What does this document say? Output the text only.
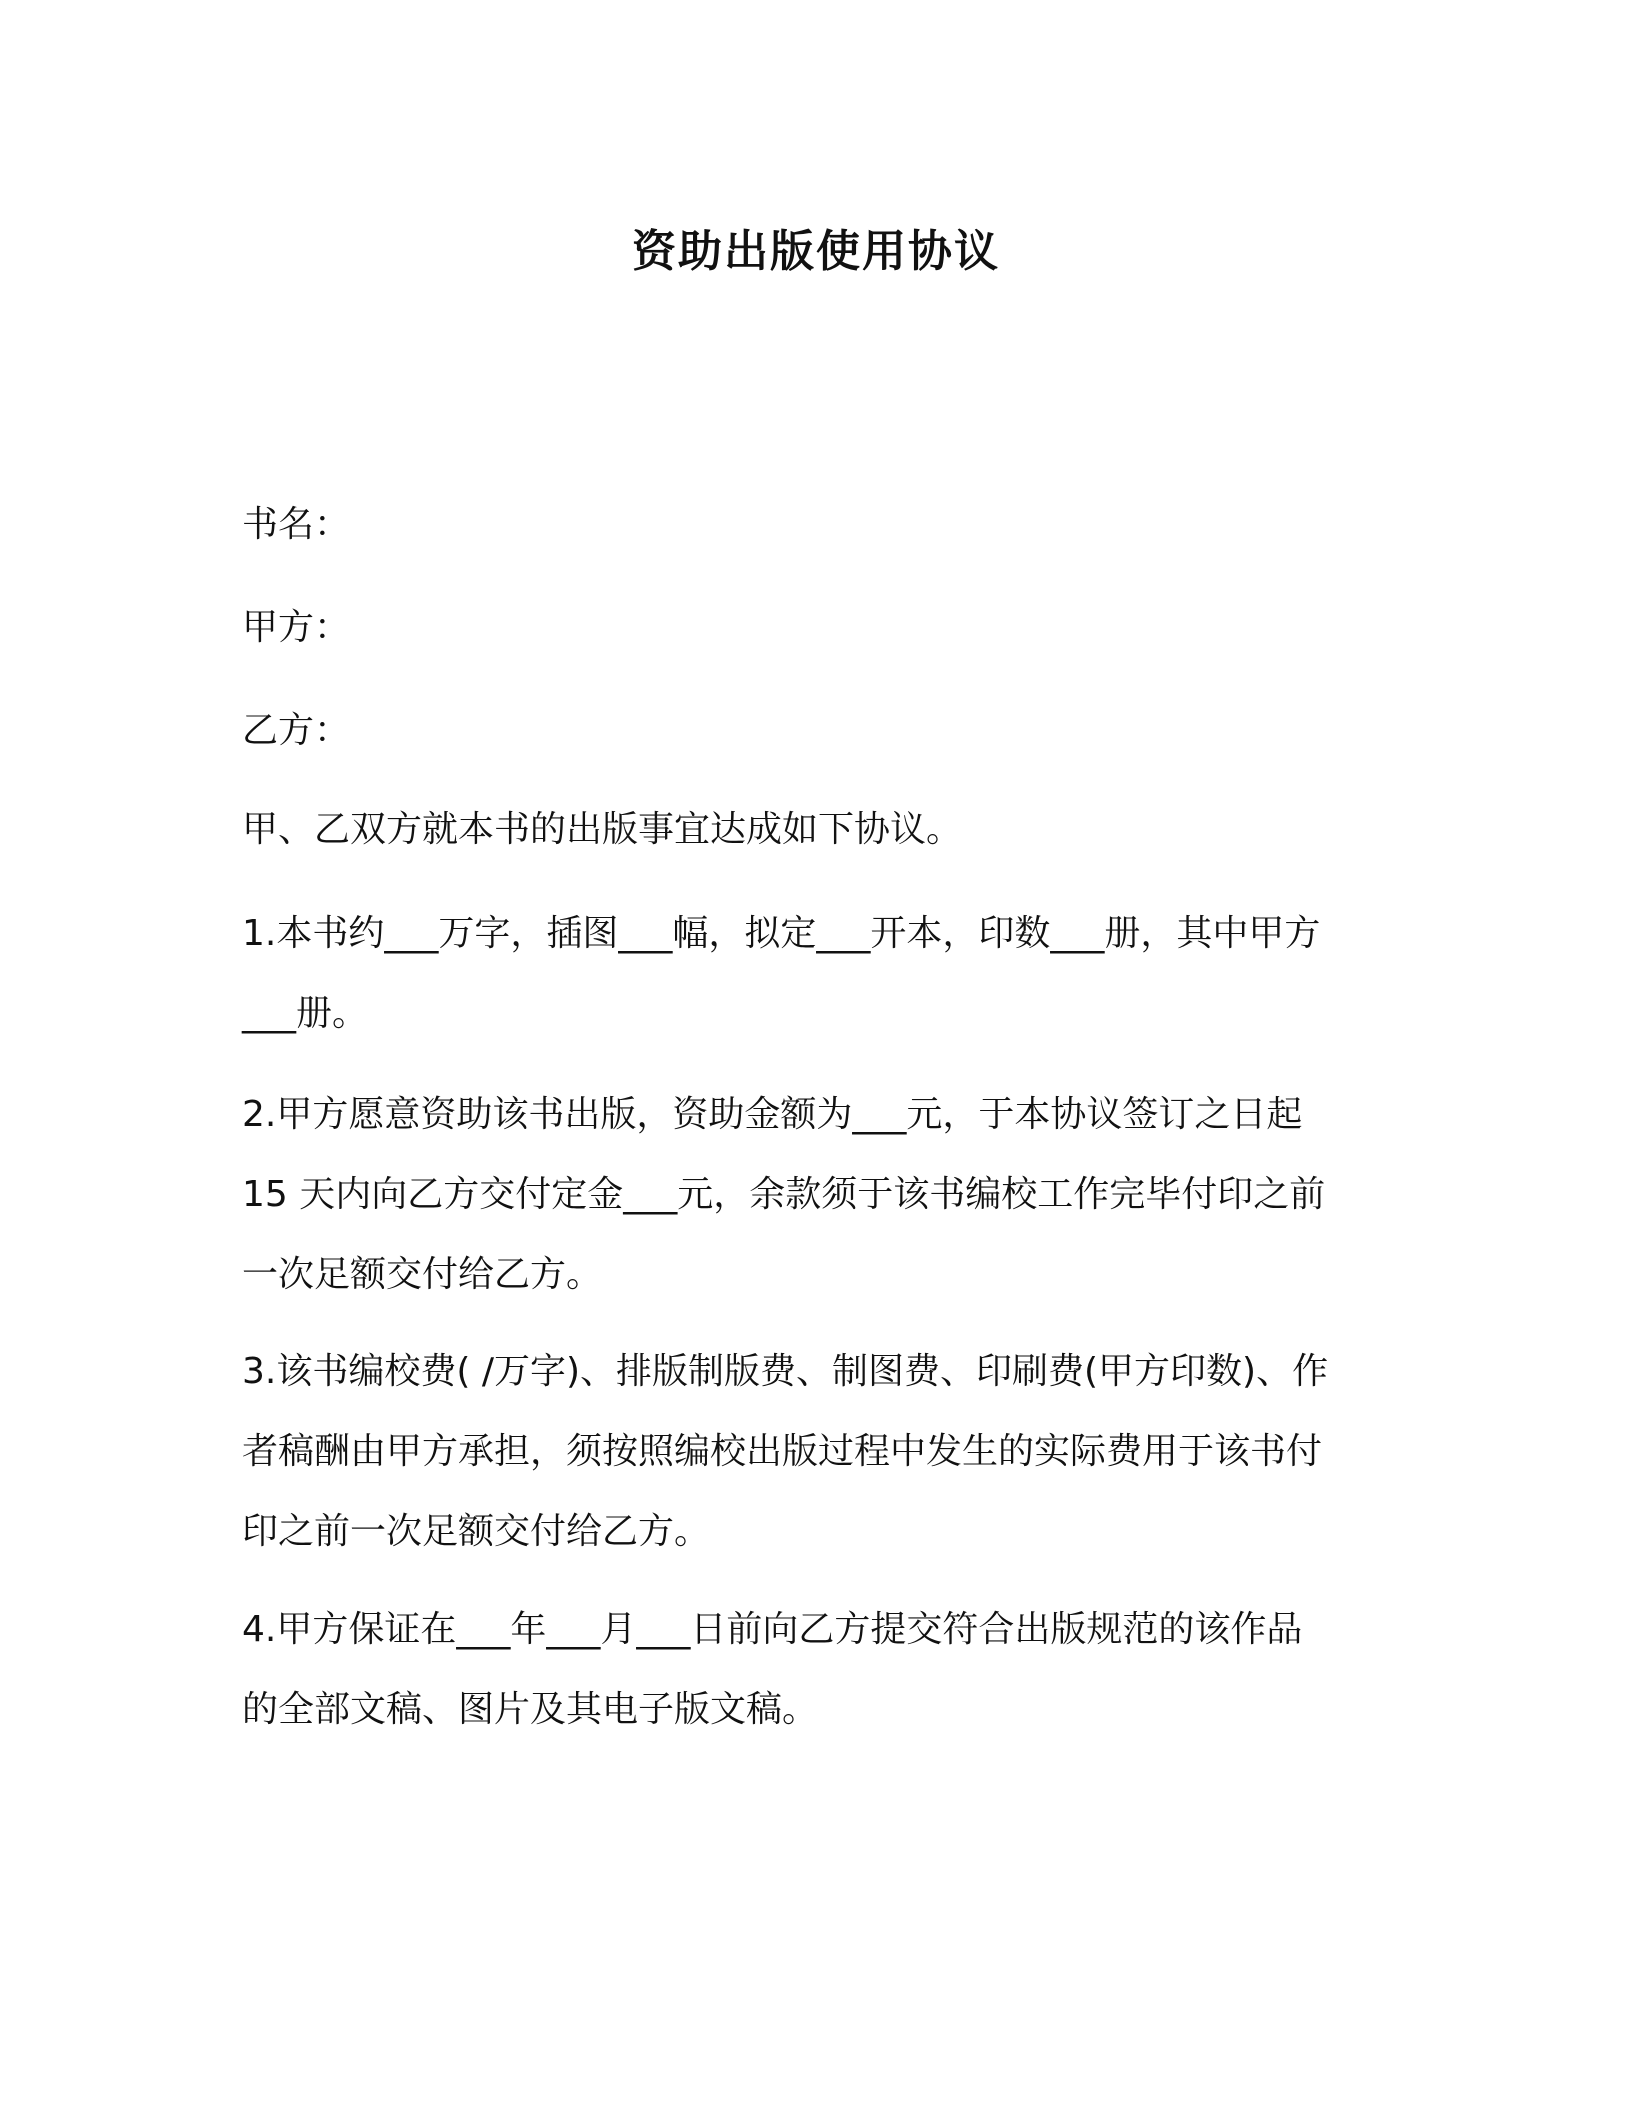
资助出版使用协议
书名：
甲方：
乙方：
甲、乙双方就本书的出版事宜达成如下协议。
1.本书约___万字，插图___幅，拟定___开本，印数___册，其中甲方
___册。
2.甲方愿意资助该书出版，资助金额为___元，于本协议签订之日起
15 天内向乙方交付定金___元，余款须于该书编校工作完毕付印之前
一次足额交付给乙方。
3.该书编校费( /万字)、排版制版费、制图费、印刷费(甲方印数)、作
者稿酬由甲方承担，须按照编校出版过程中发生的实际费用于该书付
印之前一次足额交付给乙方。
4.甲方保证在___年___月___日前向乙方提交符合出版规范的该作品
的全部文稿、图片及其电子版文稿。
